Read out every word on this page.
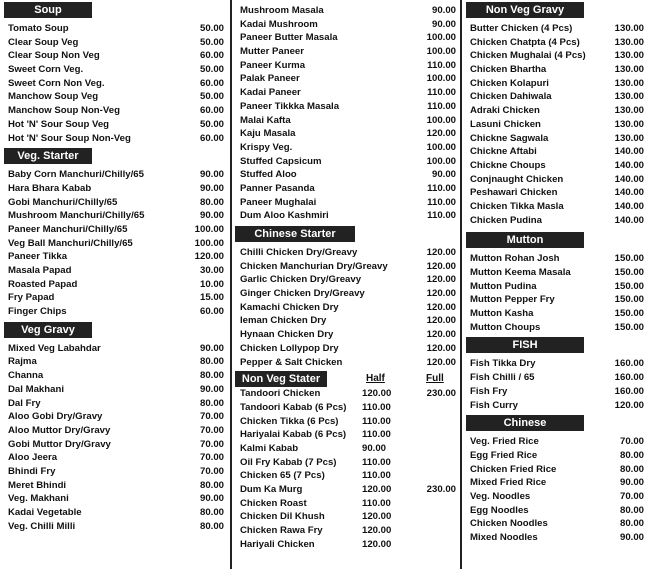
Soup
Tomato Soup	50.00
Clear Soup Veg	50.00
Clear Soup Non Veg	60.00
Sweet Corn Veg.	50.00
Sweet Corn Non Veg.	60.00
Manchow Soup Veg	50.00
Manchow Soup Non-Veg	60.00
Hot 'N' Sour Soup Veg	50.00
Hot 'N' Sour Soup Non-Veg	60.00
Veg. Starter
Baby Corn Manchuri/Chilly/65	90.00
Hara Bhara Kabab	90.00
Gobi Manchuri/Chilly/65	80.00
Mushroom Manchuri/Chilly/65	90.00
Paneer Manchuri/Chilly/65	100.00
Veg Ball Manchuri/Chilly/65	100.00
Paneer Tikka	120.00
Masala Papad	30.00
Roasted Papad	10.00
Fry Papad	15.00
Finger Chips	60.00
Veg Gravy
Mixed Veg Labahdar	90.00
Rajma	80.00
Channa	80.00
Dal Makhani	90.00
Dal Fry	80.00
Aloo Gobi Dry/Gravy	70.00
Aloo Muttor Dry/Gravy	70.00
Gobi Muttor Dry/Gravy	70.00
Aloo Jeera	70.00
Bhindi Fry	70.00
Meret Bhindi	80.00
Veg. Makhani	90.00
Kadai Vegetable	80.00
Veg. Chilli Milli	80.00
Mushroom Masala	90.00
Kadai Mushroom	90.00
Paneer Butter Masala	100.00
Mutter Paneer	100.00
Paneer Kurma	110.00
Palak Paneer	100.00
Kadai Paneer	110.00
Paneer Tikkka Masala	110.00
Malai Kafta	100.00
Kaju Masala	120.00
Krispy Veg.	100.00
Stuffed Capsicum	100.00
Stuffed Aloo	90.00
Panner Pasanda	110.00
Paneer Mughalai	110.00
Dum Aloo Kashmiri	110.00
Chinese Starter
Chilli Chicken Dry/Greavy	120.00
Chicken Manchurian Dry/Greavy	120.00
Garlic Chicken Dry/Greavy	120.00
Ginger Chicken Dry/Greavy	120.00
Kamachi Chicken Dry	120.00
Ieman Chicken Dry	120.00
Hynaan Chicken Dry	120.00
Chicken Lollypop Dry	120.00
Pepper & Salt Chicken	120.00
Non Veg Stater	Half	Full
Tandoori Chicken	120.00	230.00
Tandoori Kabab (6 Pcs) 110.00
Chicken Tikka (6 Pcs) 110.00
Hariyalai Kabab (6 Pcs) 110.00
Kalmi Kabab	90.00
Oil Fry Kabab (7 Pcs)	110.00
Chicken 65 (7 Pcs)	110.00
Dum Ka Murg	120.00	230.00
Chicken Roast	110.00
Chicken Dil Khush	120.00
Chicken Rawa Fry	120.00
Hariyali Chicken	120.00
Non Veg Gravy
Butter Chicken (4 Pcs)	130.00
Chicken Chatpta (4 Pcs)	130.00
Chicken Mughalai (4 Pcs)	130.00
Chicken Bhartha	130.00
Chicken Kolapuri	130.00
Chicken Dahiwala	130.00
Adraki Chicken	130.00
Lasuni Chicken	130.00
Chickne Sagwala	130.00
Chickne Aftabi	140.00
Chickne Choups	140.00
Conjnaught Chicken	140.00
Peshawari Chicken	140.00
Chicken Tikka Masla	140.00
Chicken Pudina	140.00
Mutton
Mutton Rohan Josh	150.00
Mutton Keema Masala	150.00
Mutton Pudina	150.00
Mutton Pepper Fry	150.00
Mutton Kasha	150.00
Mutton Choups	150.00
FISH
Fish Tikka Dry	160.00
Fish Chilli / 65	160.00
Fish Fry	160.00
Fish Curry	120.00
Chinese
Veg. Fried Rice	70.00
Egg Fried Rice	80.00
Chicken Fried Rice	80.00
Mixed Fried Rice	90.00
Veg. Noodles	70.00
Egg Noodles	80.00
Chicken Noodles	80.00
Mixed Noodles	90.00
